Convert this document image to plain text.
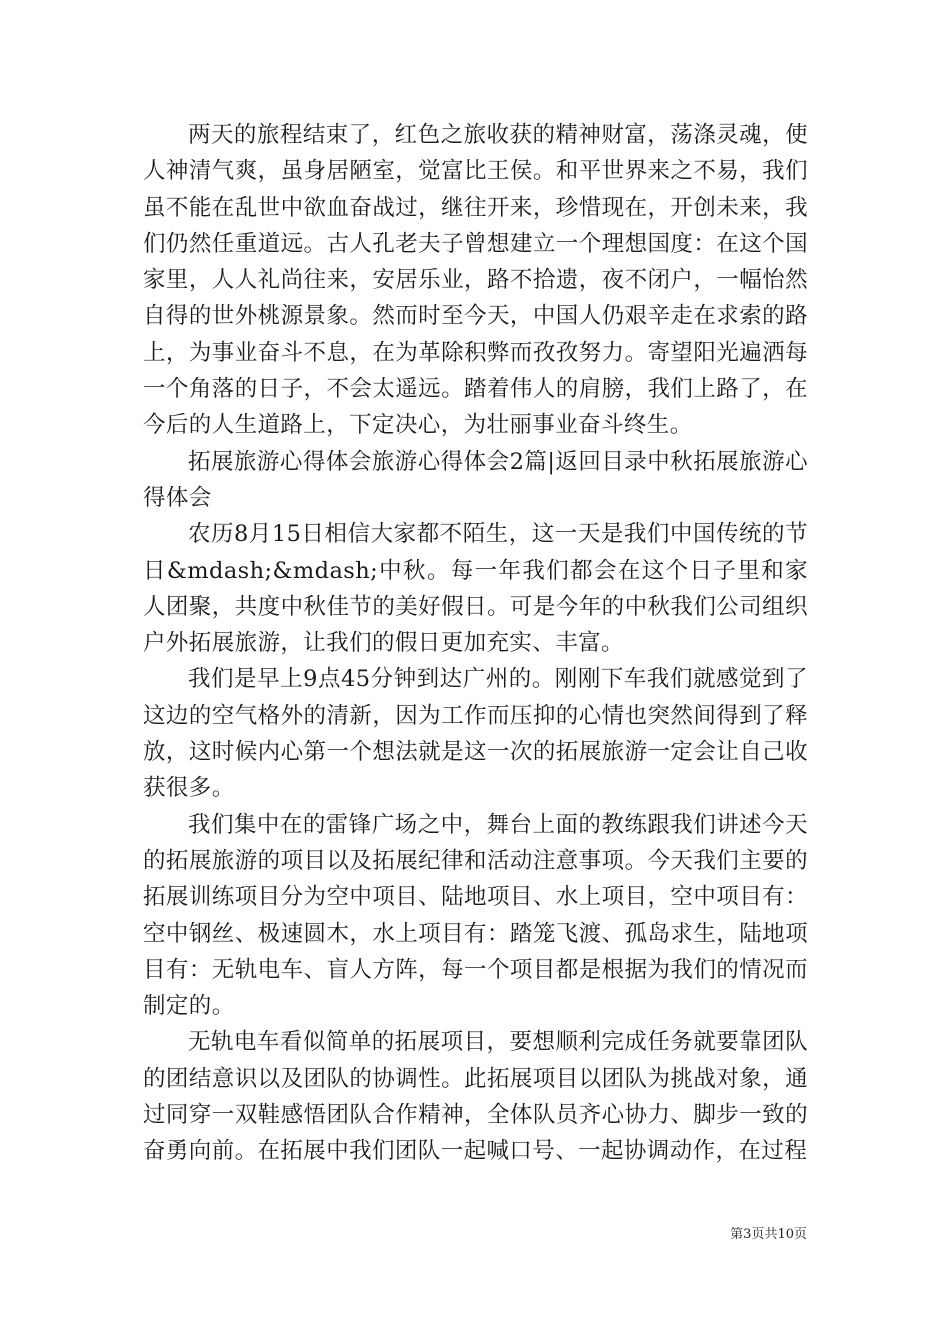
两天的旅程结束了，红色之旅收获的精神财富，荡涤灵魂，使人神清气爽，虽身居陋室，觉富比王侯。和平世界来之不易，我们虽不能在乱世中欲血奋战过，继往开来，珍惜现在，开创未来，我们仍然任重道远。古人孔老夫子曾想建立一个理想国度：在这个国家里，人人礼尚往来，安居乐业，路不拾遗，夜不闭户，一幅怡然自得的世外桃源景象。然而时至今天，中国人仍艰辛走在求索的路上，为事业奋斗不息，在为革除积弊而孜孜努力。寄望阳光遍洒每一个角落的日子，不会太遥远。踏着伟人的肩膀，我们上路了，在今后的人生道路上，下定决心，为壮丽事业奋斗终生。

拓展旅游心得体会旅游心得体会2篇|返回目录中秋拓展旅游心得体会

农历8月15日相信大家都不陌生，这一天是我们中国传统的节日&mdash;&mdash;中秋。每一年我们都会在这个日子里和家人团聚，共度中秋佳节的美好假日。可是今年的中秋我们公司组织户外拓展旅游，让我们的假日更加充实、丰富。

我们是早上9点45分钟到达广州的。刚刚下车我们就感觉到了这边的空气格外的清新，因为工作而压抑的心情也突然间得到了释放，这时候内心第一个想法就是这一次的拓展旅游一定会让自己收获很多。

我们集中在的雷锋广场之中，舞台上面的教练跟我们讲述今天的拓展旅游的项目以及拓展纪律和活动注意事项。今天我们主要的拓展训练项目分为空中项目、陆地项目、水上项目，空中项目有：空中钢丝、极速圆木，水上项目有：踏笼飞渡、孤岛求生，陆地项目有：无轨电车、盲人方阵，每一个项目都是根据为我们的情况而制定的。

无轨电车看似简单的拓展项目，要想顺利完成任务就要靠团队的团结意识以及团队的协调性。此拓展项目以团队为挑战对象，通过同穿一双鞋感悟团队合作精神，全体队员齐心协力、脚步一致的奋勇向前。在拓展中我们团队一起喊口号、一起协调动作，在过程

第3页共10页
